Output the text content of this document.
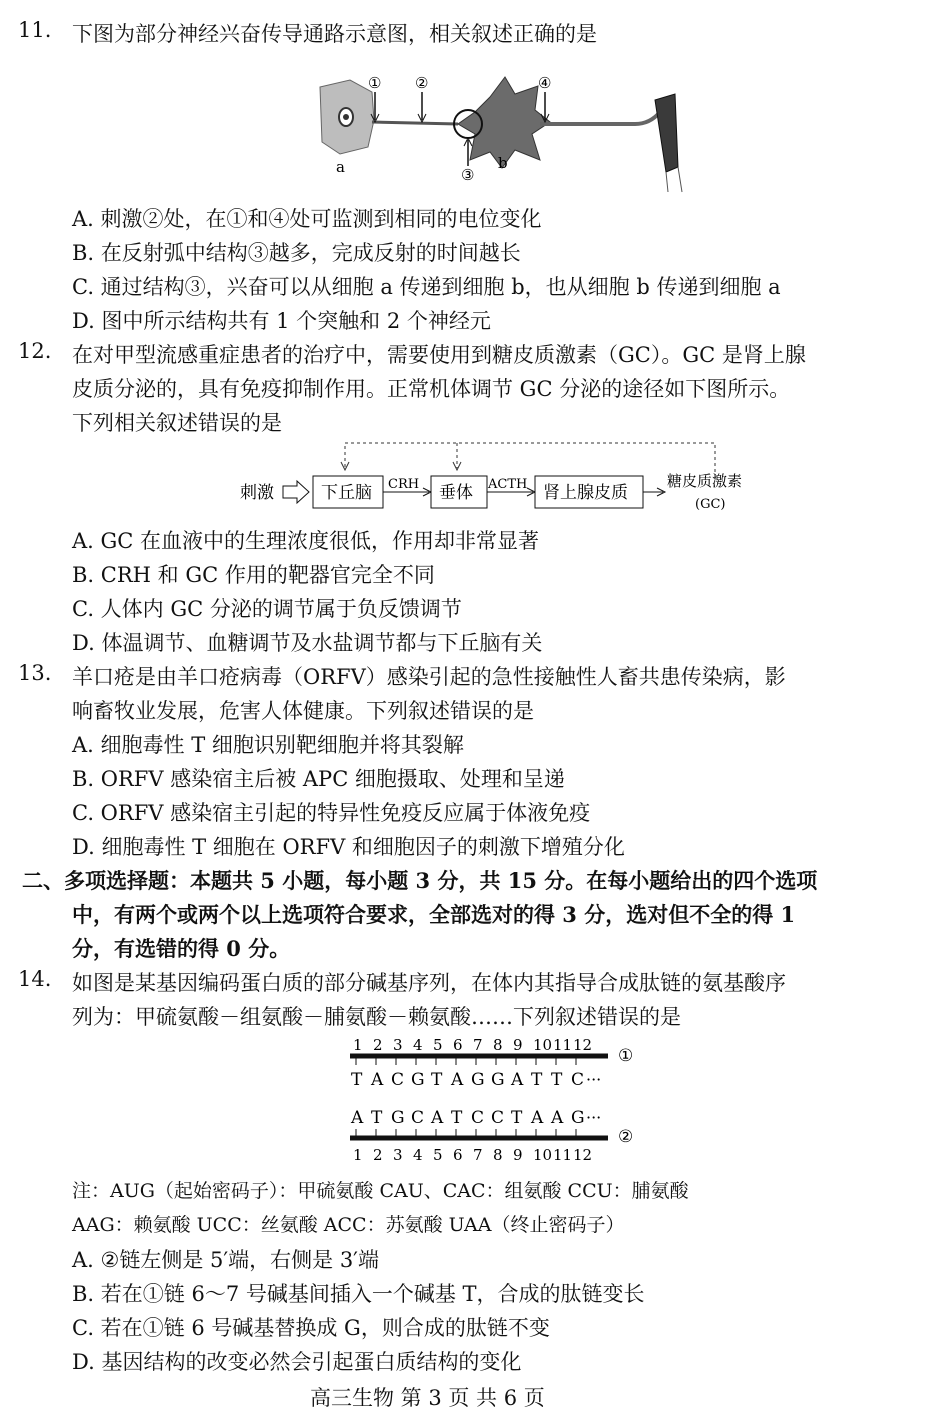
11. 下图为部分神经兴奋传导通路示意图，相关叙述正确的是
① ②
③
④
a	b
A. 刺激②处，在①和④处可监测到相同的电位变化
B. 在反射弧中结构③越多，完成反射的时间越长
C. 通过结构③，兴奋可以从细胞 a 传递到细胞 b，也从细胞 b 传递到细胞 a
D. 图中所示结构共有 1 个突触和 2 个神经元
12. 在对甲型流感重症患者的治疗中，需要使用到糖皮质激素（GC）。GC 是肾上腺
皮质分泌的，具有免疫抑制作用。正常机体调节 GC 分泌的途径如下图所示。
下列相关叙述错误的是
刺激	下丘脑 CRH 垂体 ACTH 肾上腺皮质
糖皮质激素
(GC)
A. GC 在血液中的生理浓度很低，作用却非常显著
B. CRH 和 GC 作用的靶器官完全不同
C. 人体内 GC 分泌的调节属于负反馈调节
D. 体温调节、血糖调节及水盐调节都与下丘脑有关
13. 羊口疮是由羊口疮病毒（ORFV）感染引起的急性接触性人畜共患传染病，影
响畜牧业发展，危害人体健康。下列叙述错误的是
A. 细胞毒性 T 细胞识别靶细胞并将其裂解
B. ORFV 感染宿主后被 APC 细胞摄取、处理和呈递
C. ORFV 感染宿主引起的特异性免疫反应属于体液免疫
D. 细胞毒性 T 细胞在 ORFV 和细胞因子的刺激下增殖分化
二、多项选择题：本题共 5 小题，每小题 3 分，共 15 分。在每小题给出的四个选项
中，有两个或两个以上选项符合要求，全部选对的得 3 分，选对但不全的得 1
分，有选错的得 0 分。
14. 如图是某基因编码蛋白质的部分碱基序列，在体内其指导合成肽链的氨基酸序
列为：甲硫氨酸－组氨酸－脯氨酸－赖氨酸……下列叙述错误的是
①
②
1
T
A
1
2
A
T
2
3
C
G
3
4
G
C
4
5
T
A
5
6
A
T
6
7
G
C
7
8
G
C
8
9
A
T
9
10
T
A
10
11
T
A
11
12
C
G
12
···
···
注：AUG（起始密码子）：甲硫氨酸 CAU、CAC：组氨酸 CCU：脯氨酸
AAG：赖氨酸 UCC：丝氨酸 ACC：苏氨酸 UAA（终止密码子）
A. ②链左侧是 5′端，右侧是 3′端
B. 若在①链 6～7 号碱基间插入一个碱基 T，合成的肽链变长
C. 若在①链 6 号碱基替换成 G，则合成的肽链不变
D. 基因结构的改变必然会引起蛋白质结构的变化
高三生物 第 3 页 共 6 页
